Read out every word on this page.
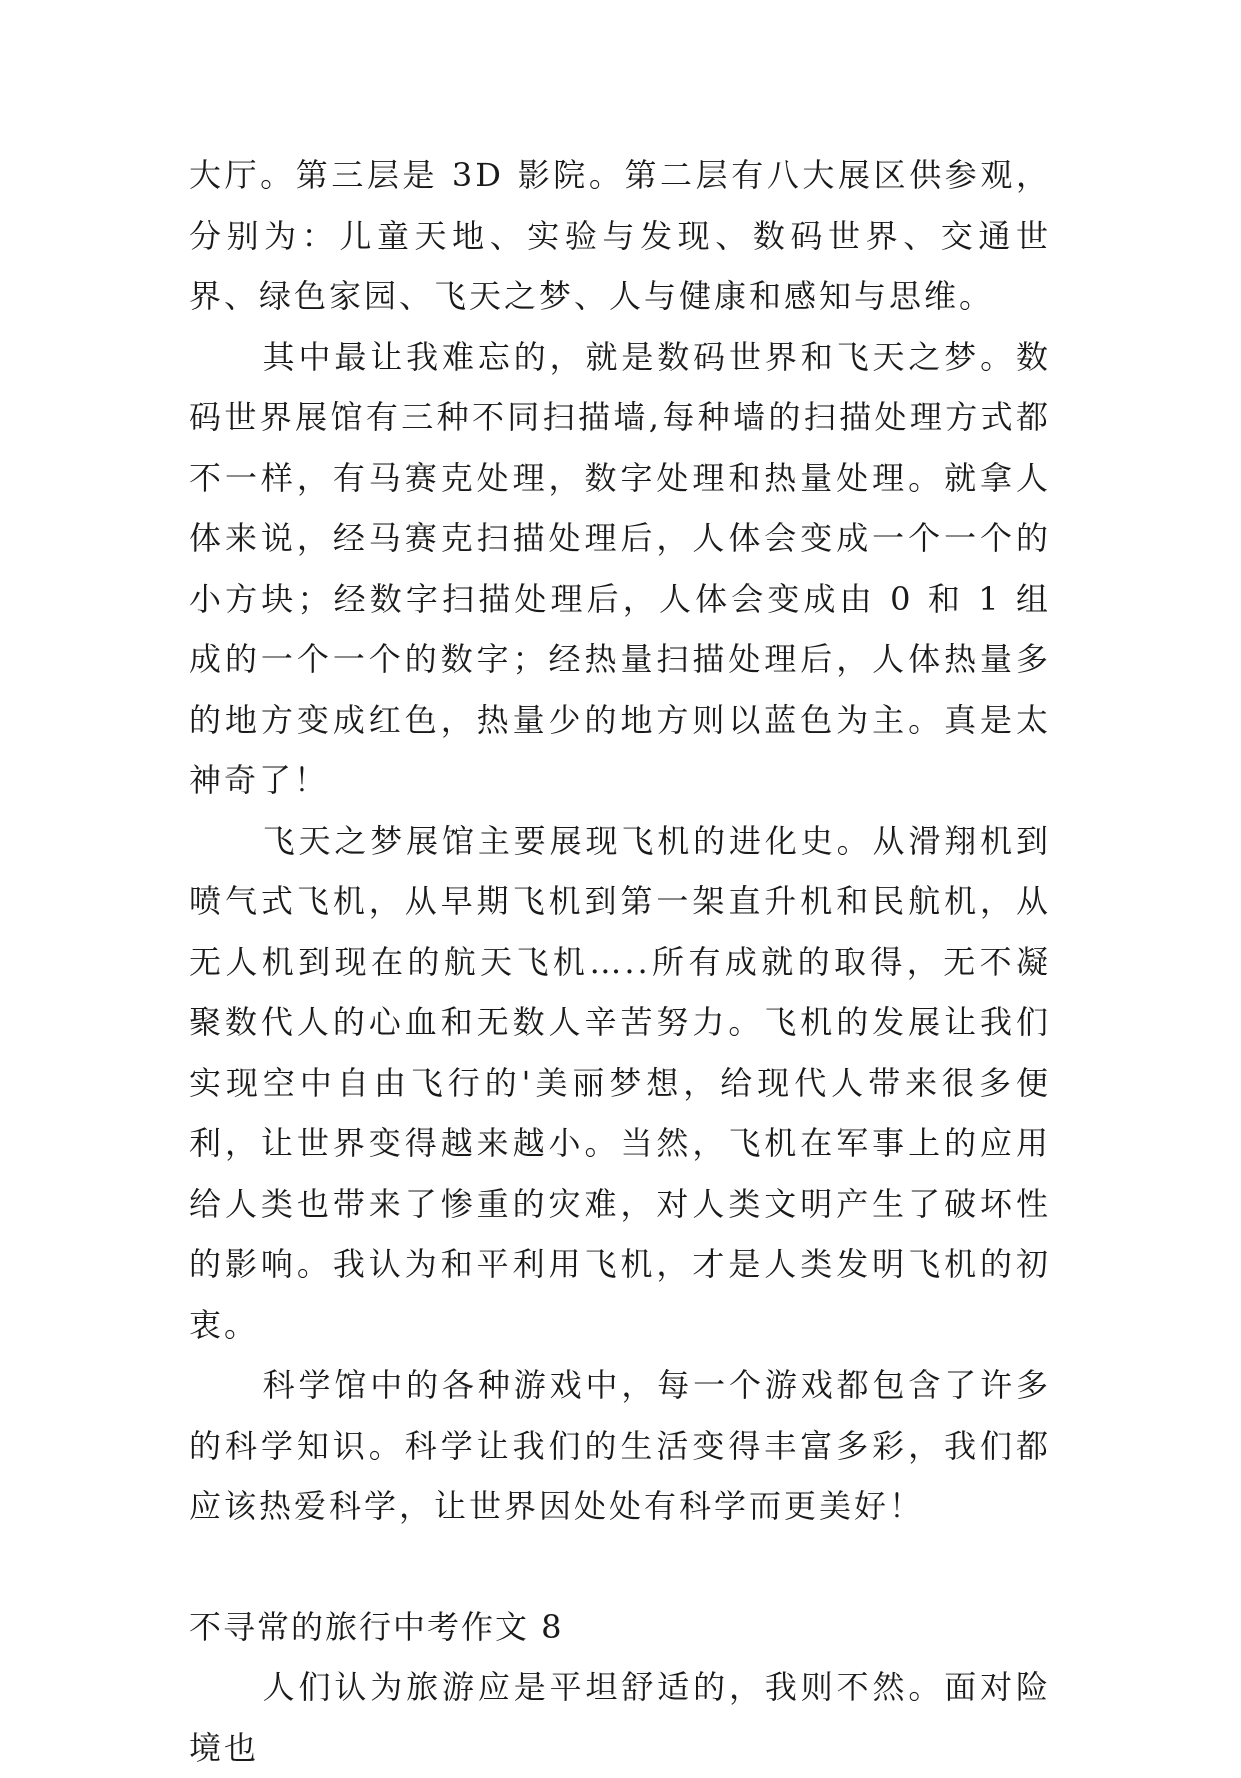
大厅。第三层是 3D 影院。第二层有八大展区供参观，分别为：儿童天地、实验与发现、数码世界、交通世界、绿色家园、飞天之梦、人与健康和感知与思维。

其中最让我难忘的，就是数码世界和飞天之梦。数码世界展馆有三种不同扫描墙,每种墙的扫描处理方式都不一样，有马赛克处理，数字处理和热量处理。就拿人体来说，经马赛克扫描处理后，人体会变成一个一个的小方块；经数字扫描处理后，人体会变成由 0 和 1 组成的一个一个的数字；经热量扫描处理后，人体热量多的地方变成红色，热量少的地方则以蓝色为主。真是太神奇了！

飞天之梦展馆主要展现飞机的进化史。从滑翔机到喷气式飞机，从早期飞机到第一架直升机和民航机，从无人机到现在的航天飞机…..所有成就的取得，无不凝聚数代人的心血和无数人辛苦努力。飞机的发展让我们实现空中自由飞行的'美丽梦想，给现代人带来很多便利，让世界变得越来越小。当然，飞机在军事上的应用给人类也带来了惨重的灾难，对人类文明产生了破坏性的影响。我认为和平利用飞机，才是人类发明飞机的初衷。

科学馆中的各种游戏中，每一个游戏都包含了许多的科学知识。科学让我们的生活变得丰富多彩，我们都应该热爱科学，让世界因处处有科学而更美好！

不寻常的旅行中考作文 8

人们认为旅游应是平坦舒适的，我则不然。面对险境也
